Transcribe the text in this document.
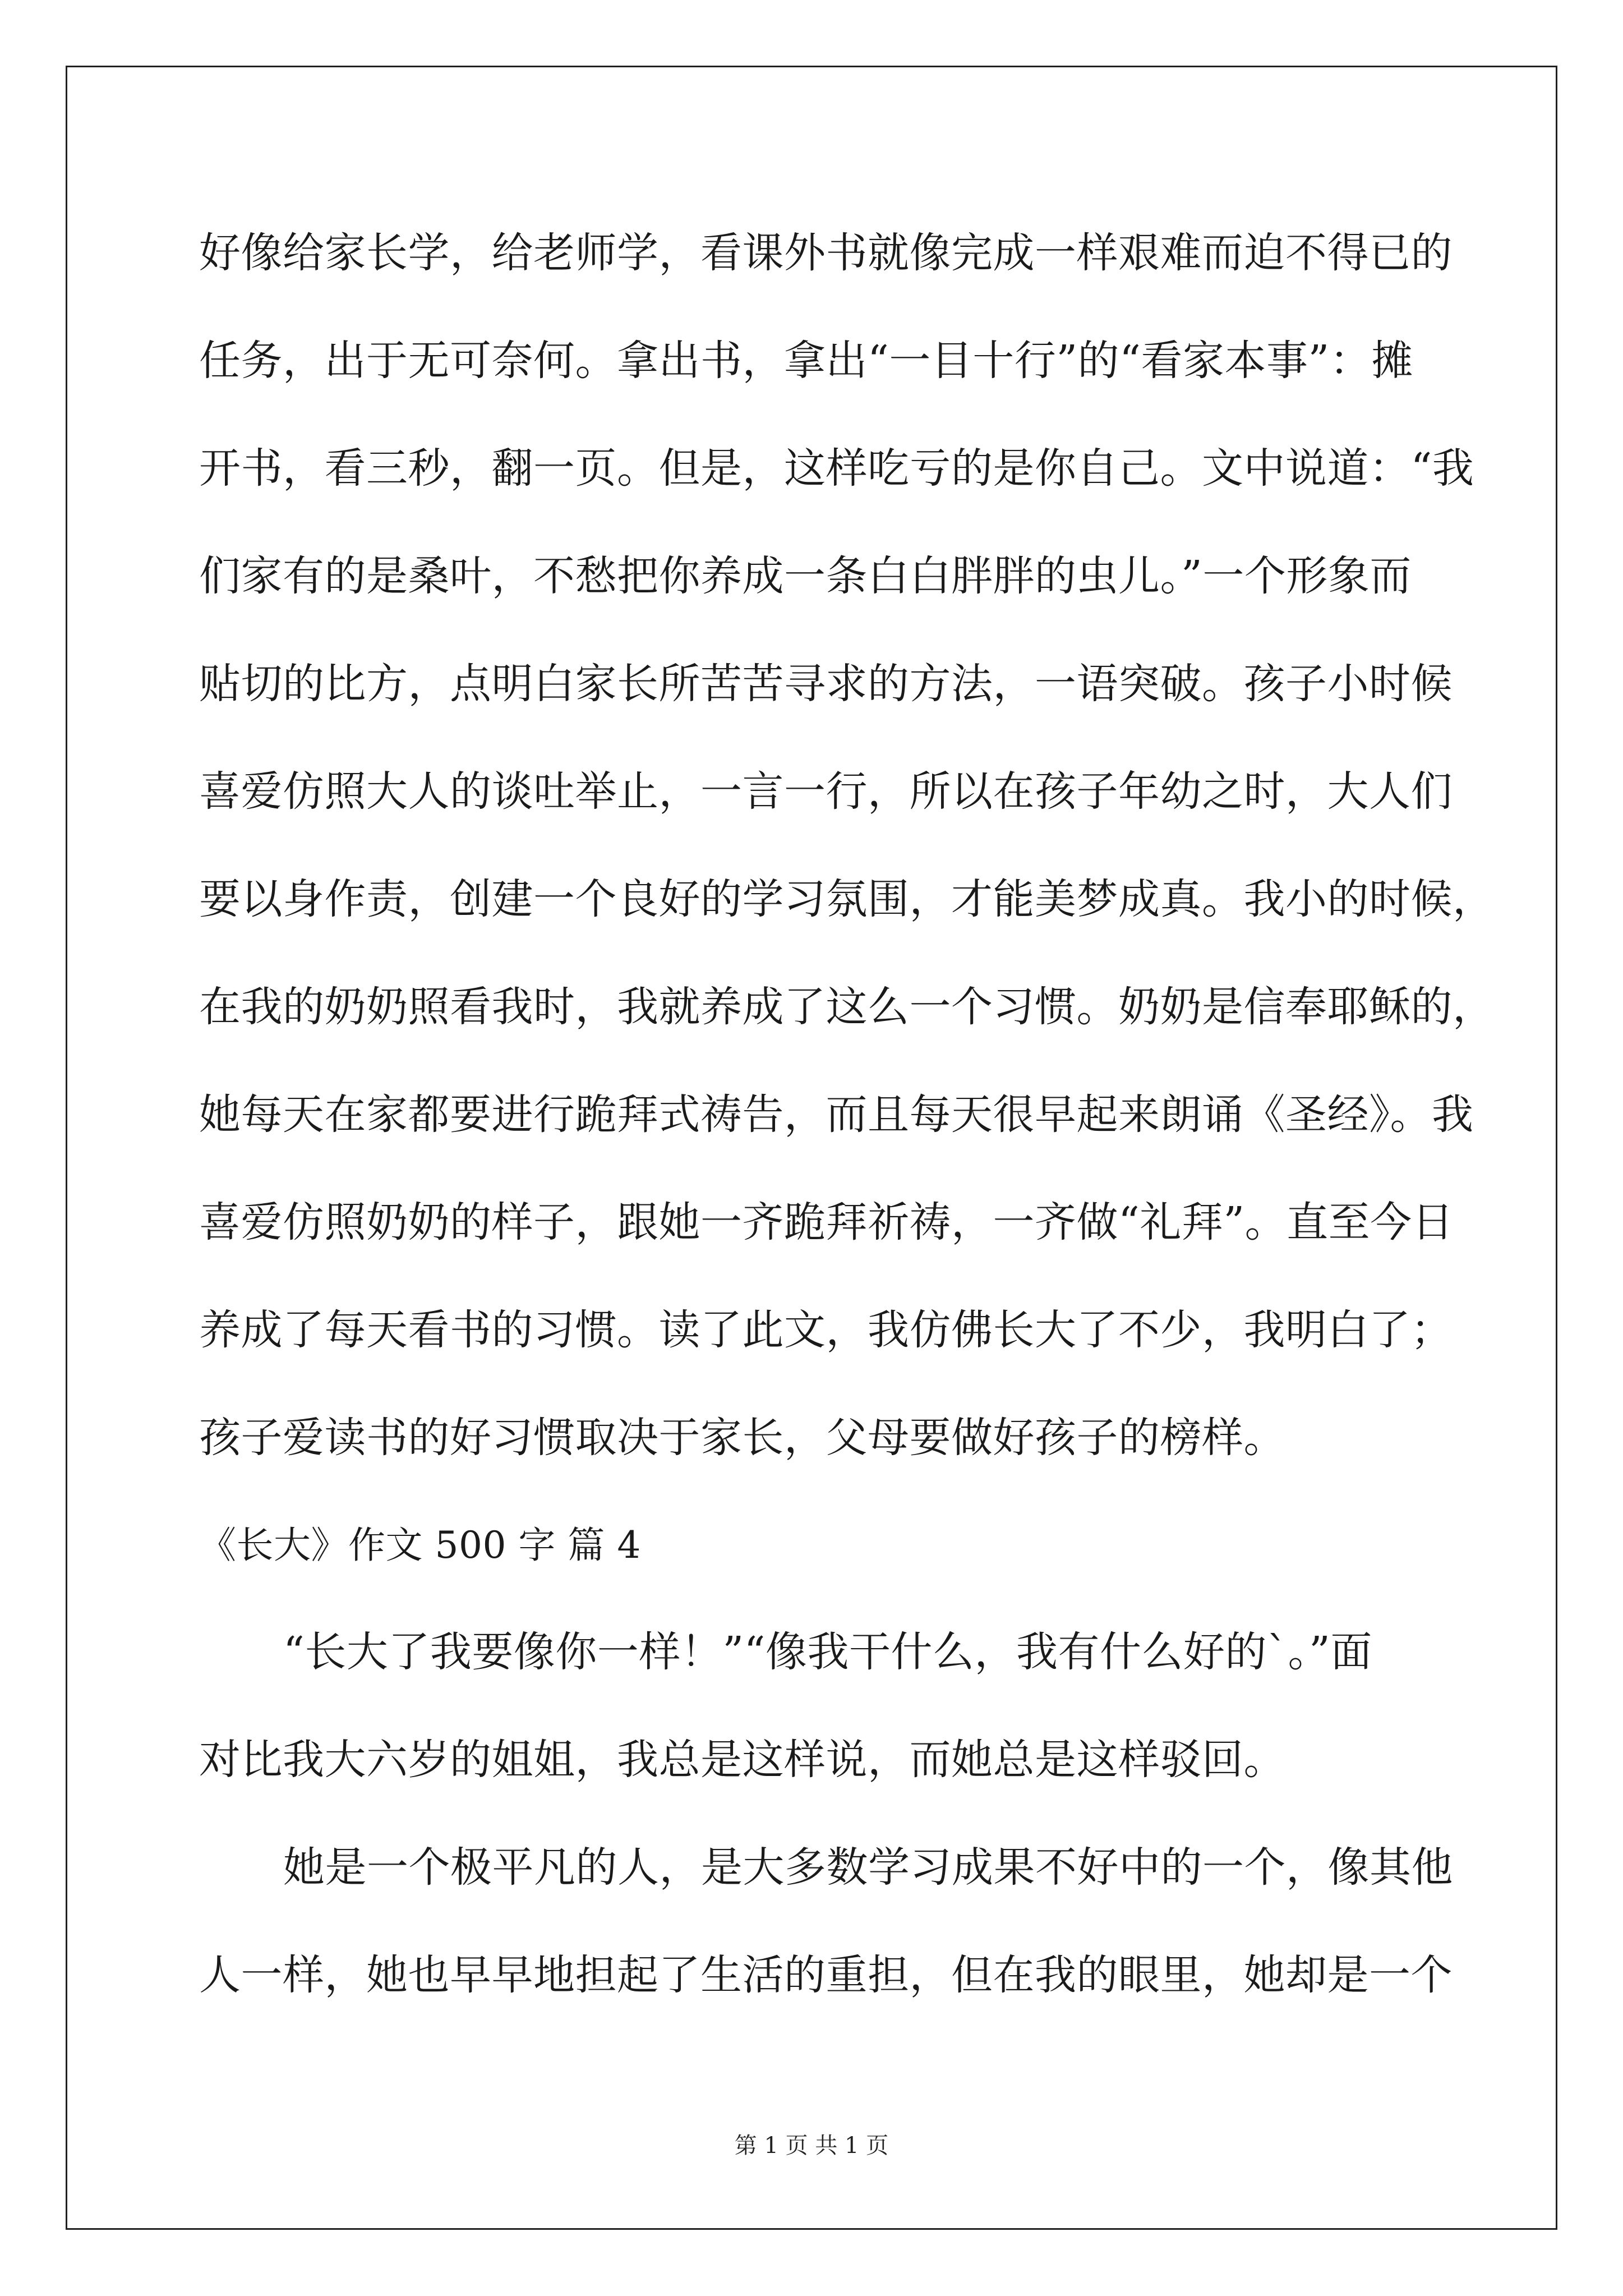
好像给家长学，给老师学，看课外书就像完成一样艰难而迫不得已的
任务，出于无可奈何。拿出书，拿出“一目十行”的“看家本事”：摊
开书，看三秒，翻一页。但是，这样吃亏的是你自己。文中说道：“我
们家有的是桑叶，不愁把你养成一条白白胖胖的虫儿。”一个形象而
贴切的比方，点明白家长所苦苦寻求的方法，一语突破。孩子小时候
喜爱仿照大人的谈吐举止，一言一行，所以在孩子年幼之时，大人们
要以身作责，创建一个良好的学习氛围，才能美梦成真。我小的时候，
在我的奶奶照看我时，我就养成了这么一个习惯。奶奶是信奉耶稣的，
她每天在家都要进行跪拜式祷告，而且每天很早起来朗诵《圣经》。我
喜爱仿照奶奶的样子，跟她一齐跪拜祈祷，一齐做“礼拜”。直至今日
养成了每天看书的习惯。读了此文，我仿佛长大了不少，我明白了；
孩子爱读书的好习惯取决于家长，父母要做好孩子的榜样。
《长大》作文 500 字 篇 4
“长大了我要像你一样！”“像我干什么，我有什么好的`。”面
对比我大六岁的姐姐，我总是这样说，而她总是这样驳回。
她是一个极平凡的人，是大多数学习成果不好中的一个，像其他
人一样，她也早早地担起了生活的重担，但在我的眼里，她却是一个
第 1 页 共 1 页
